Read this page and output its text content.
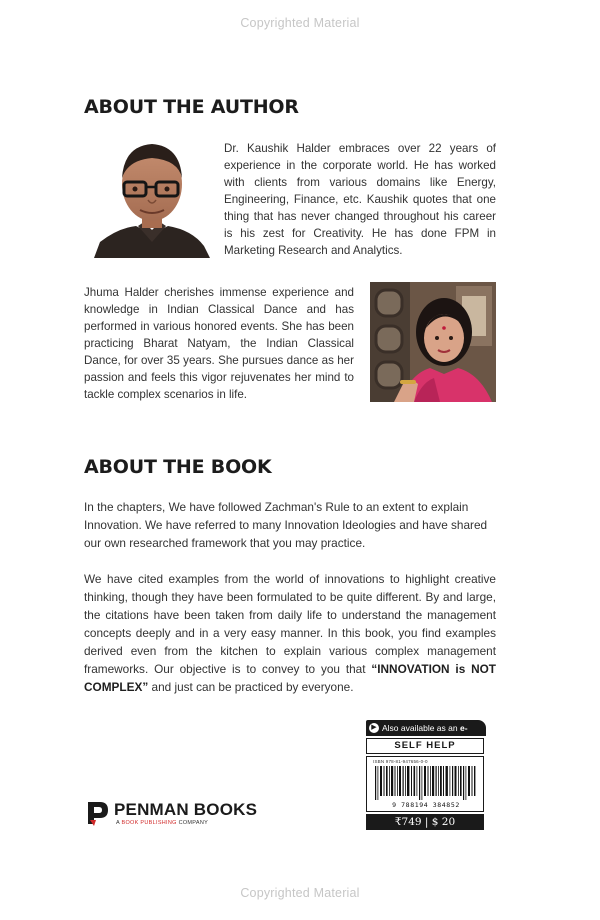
Copyrighted Material
ABOUT THE AUTHOR

Dr. Kaushik Halder embraces over 22 years of experience in the corporate world. He has worked with clients from various domains like Energy, Engineering, Finance, etc. Kaushik quotes that one thing that has never changed throughout his career is his zest for Creativity. He has done FPM in Marketing Research and Analytics.

Jhuma Halder cherishes immense experience and knowledge in Indian Classical Dance and has performed in various honored events. She has been practicing Bharat Natyam, the Indian Classical Dance, for over 35 years. She pursues dance as her passion and feels this vigor rejuvenates her mind to tackle complex scenarios in life.

ABOUT THE BOOK

In the chapters, We have followed Zachman's Rule to an extent to explain Innovation. We have referred to many Innovation Ideologies and have shared our own researched framework that you may practice.

We have cited examples from the world of innovations to highlight creative thinking, though they have been formulated to be quite different. By and large, the citations have been taken from daily life to understand the management concepts deeply and in a very easy manner. In this book, you find examples derived even from the kitchen to explain various complex management frameworks. Our objective is to convey to you that “INNOVATION is NOT COMPLEX” and just can be practiced by everyone.

▶ Also available as an e-
SELF HELP
ISBN 978-81-947656-0-0
9 788194 384852
₹749 | $ 20
PENMAN BOOKS
A BOOK PUBLISHING COMPANY
Copyrighted Material
